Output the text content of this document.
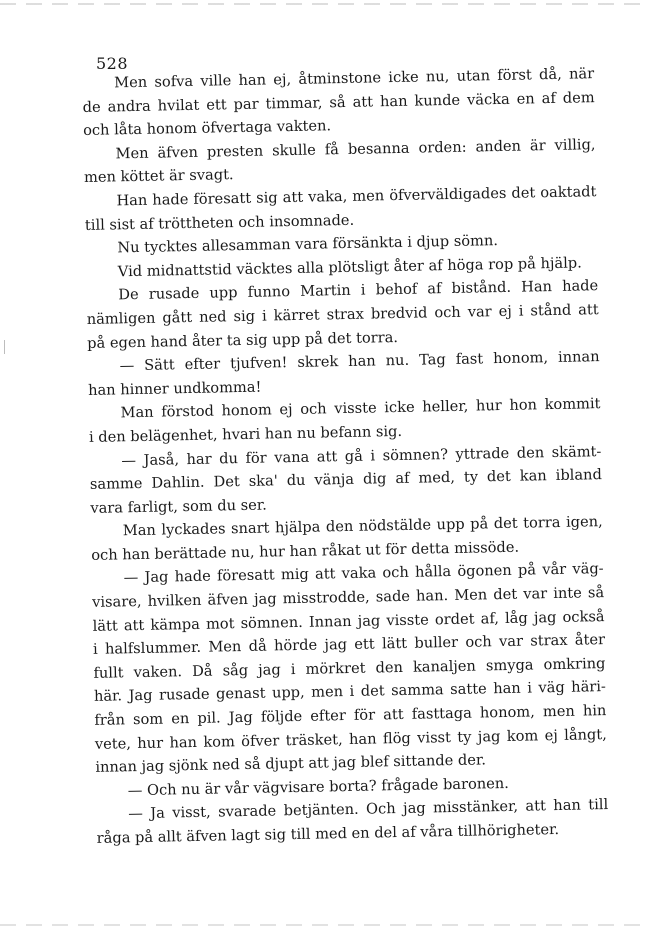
528
Men sofva ville han ej, åtminstone icke nu, utan först då, när
de andra hvilat ett par timmar, så att han kunde väcka en af dem
och låta honom öfvertaga vakten.
Men äfven presten skulle få besanna orden: anden är villig,
men köttet är svagt.
Han hade föresatt sig att vaka, men öfverväldigades det oaktadt
till sist af tröttheten och insomnade.
Nu tycktes allesamman vara försänkta i djup sömn.
Vid midnattstid väcktes alla plötsligt åter af höga rop på hjälp.
De rusade upp funno Martin i behof af bistånd. Han hade
nämligen gått ned sig i kärret strax bredvid och var ej i stånd att
på egen hand åter ta sig upp på det torra.
— Sätt efter tjufven! skrek han nu. Tag fast honom, innan
han hinner undkomma!
Man förstod honom ej och visste icke heller, hur hon kommit
i den belägenhet, hvari han nu befann sig.
— Jaså, har du för vana att gå i sömnen? yttrade den skämt-
samme Dahlin. Det ska' du vänja dig af med, ty det kan ibland
vara farligt, som du ser.
Man lyckades snart hjälpa den nödstälde upp på det torra igen,
och han berättade nu, hur han råkat ut för detta missöde.
— Jag hade föresatt mig att vaka och hålla ögonen på vår väg-
visare, hvilken äfven jag misstrodde, sade han. Men det var inte så
lätt att kämpa mot sömnen. Innan jag visste ordet af, låg jag också
i halfslummer. Men då hörde jag ett lätt buller och var strax åter
fullt vaken. Då såg jag i mörkret den kanaljen smyga omkring
här. Jag rusade genast upp, men i det samma satte han i väg häri-
från som en pil. Jag följde efter för att fasttaga honom, men hin
vete, hur han kom öfver träsket, han flög visst ty jag kom ej långt,
innan jag sjönk ned så djupt att jag blef sittande der.
— Och nu är vår vägvisare borta? frågade baronen.
— Ja visst, svarade betjänten. Och jag misstänker, att han till
råga på allt äfven lagt sig till med en del af våra tillhörigheter.
